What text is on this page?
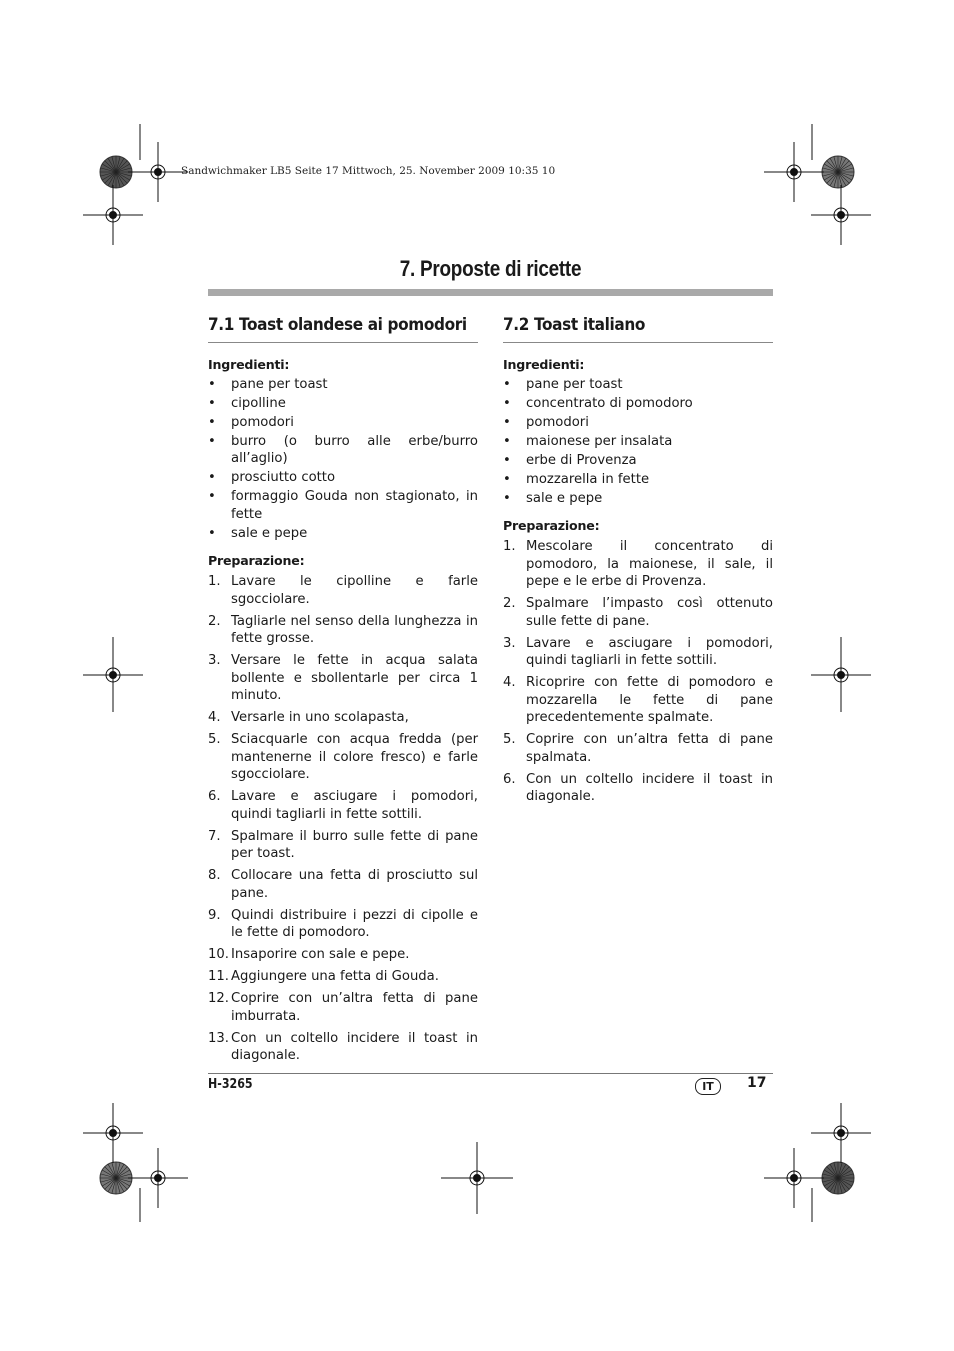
Sandwichmaker LB5 Seite 17 Mittwoch, 25. November 2009 10:35 10
7. Proposte di ricette
7.1 Toast olandese ai pomodori
Ingredienti:
• pane per toast
• cipolline
• pomodori
• burro (o burro alle erbe/burro all’aglio)
• prosciutto cotto
• formaggio Gouda non stagionato, in fette
• sale e pepe
Preparazione:
1. Lavare le cipolline e farle sgocciolare.
2. Tagliarle nel senso della lunghezza in fette grosse.
3. Versare le fette in acqua salata bollente e sbollentarle per circa 1 minuto.
4. Versarle in uno scolapasta,
5. Sciacquarle con acqua fredda (per mantenerne il colore fresco) e farle sgocciolare.
6. Lavare e asciugare i pomodori, quindi tagliarli in fette sottili.
7. Spalmare il burro sulle fette di pane per toast.
8. Collocare una fetta di prosciutto sul pane.
9. Quindi distribuire i pezzi di cipolle e le fette di pomodoro.
10. Insaporire con sale e pepe.
11. Aggiungere una fetta di Gouda.
12. Coprire con un’altra fetta di pane imburrata.
13. Con un coltello incidere il toast in diagonale.
7.2 Toast italiano
Ingredienti:
• pane per toast
• concentrato di pomodoro
• pomodori
• maionese per insalata
• erbe di Provenza
• mozzarella in fette
• sale e pepe
Preparazione:
1. Mescolare il concentrato di pomodoro, la maionese, il sale, il pepe e le erbe di Provenza.
2. Spalmare l’impasto così ottenuto sulle fette di pane.
3. Lavare e asciugare i pomodori, quindi tagliarli in fette sottili.
4. Ricoprire con fette di pomodoro e mozzarella le fette di pane precedentemente spalmate.
5. Coprire con un’altra fetta di pane spalmata.
6. Con un coltello incidere il toast in diagonale.
H-3265	IT	17
